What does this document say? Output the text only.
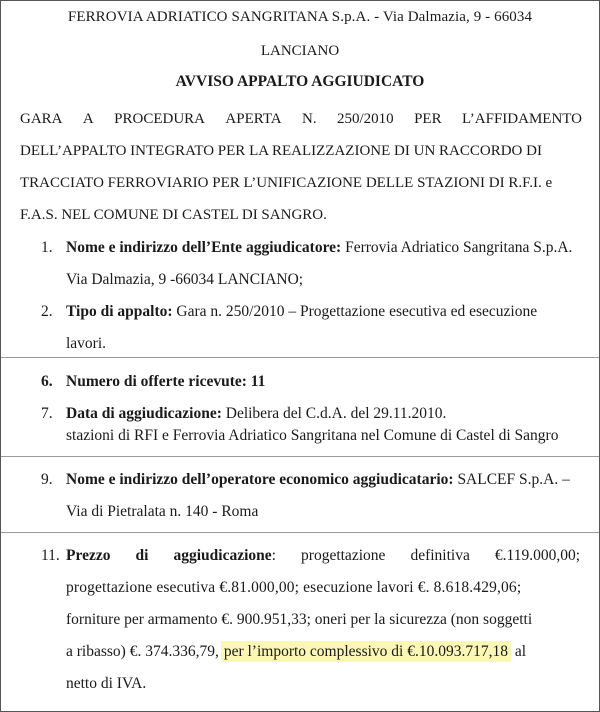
FERROVIA ADRIATICO SANGRITANA S.p.A. - Via Dalmazia, 9 - 66034
LANCIANO
AVVISO APPALTO AGGIUDICATO
GARA A PROCEDURA APERTA N. 250/2010 PER L’AFFIDAMENTO
DELL’APPALTO INTEGRATO PER LA REALIZZAZIONE DI UN RACCORDO DI
TRACCIATO FERROVIARIO PER L’UNIFICAZIONE DELLE STAZIONI DI R.F.I. e
F.A.S. NEL COMUNE DI CASTEL DI SANGRO.
1. Nome e indirizzo dell’Ente aggiudicatore: Ferrovia Adriatico Sangritana S.p.A.
Via Dalmazia, 9 -66034 LANCIANO;
2. Tipo di appalto: Gara n. 250/2010 – Progettazione esecutiva ed esecuzione
lavori.
6. Numero di offerte ricevute: 11
7. Data di aggiudicazione: Delibera del C.d.A. del 29.11.2010.
stazioni di RFI e Ferrovia Adriatico Sangritana nel Comune di Castel di Sangro
9. Nome e indirizzo dell’operatore economico aggiudicatario: SALCEF S.p.A. –
Via di Pietralata n. 140 - Roma
11. Prezzo di aggiudicazione: progettazione definitiva €.119.000,00;
progettazione esecutiva €.81.000,00; esecuzione lavori €. 8.618.429,06;
forniture per armamento €. 900.951,33; oneri per la sicurezza (non soggetti
a ribasso) €. 374.336,79, per l’importo complessivo di €.10.093.717,18 al
netto di IVA.
